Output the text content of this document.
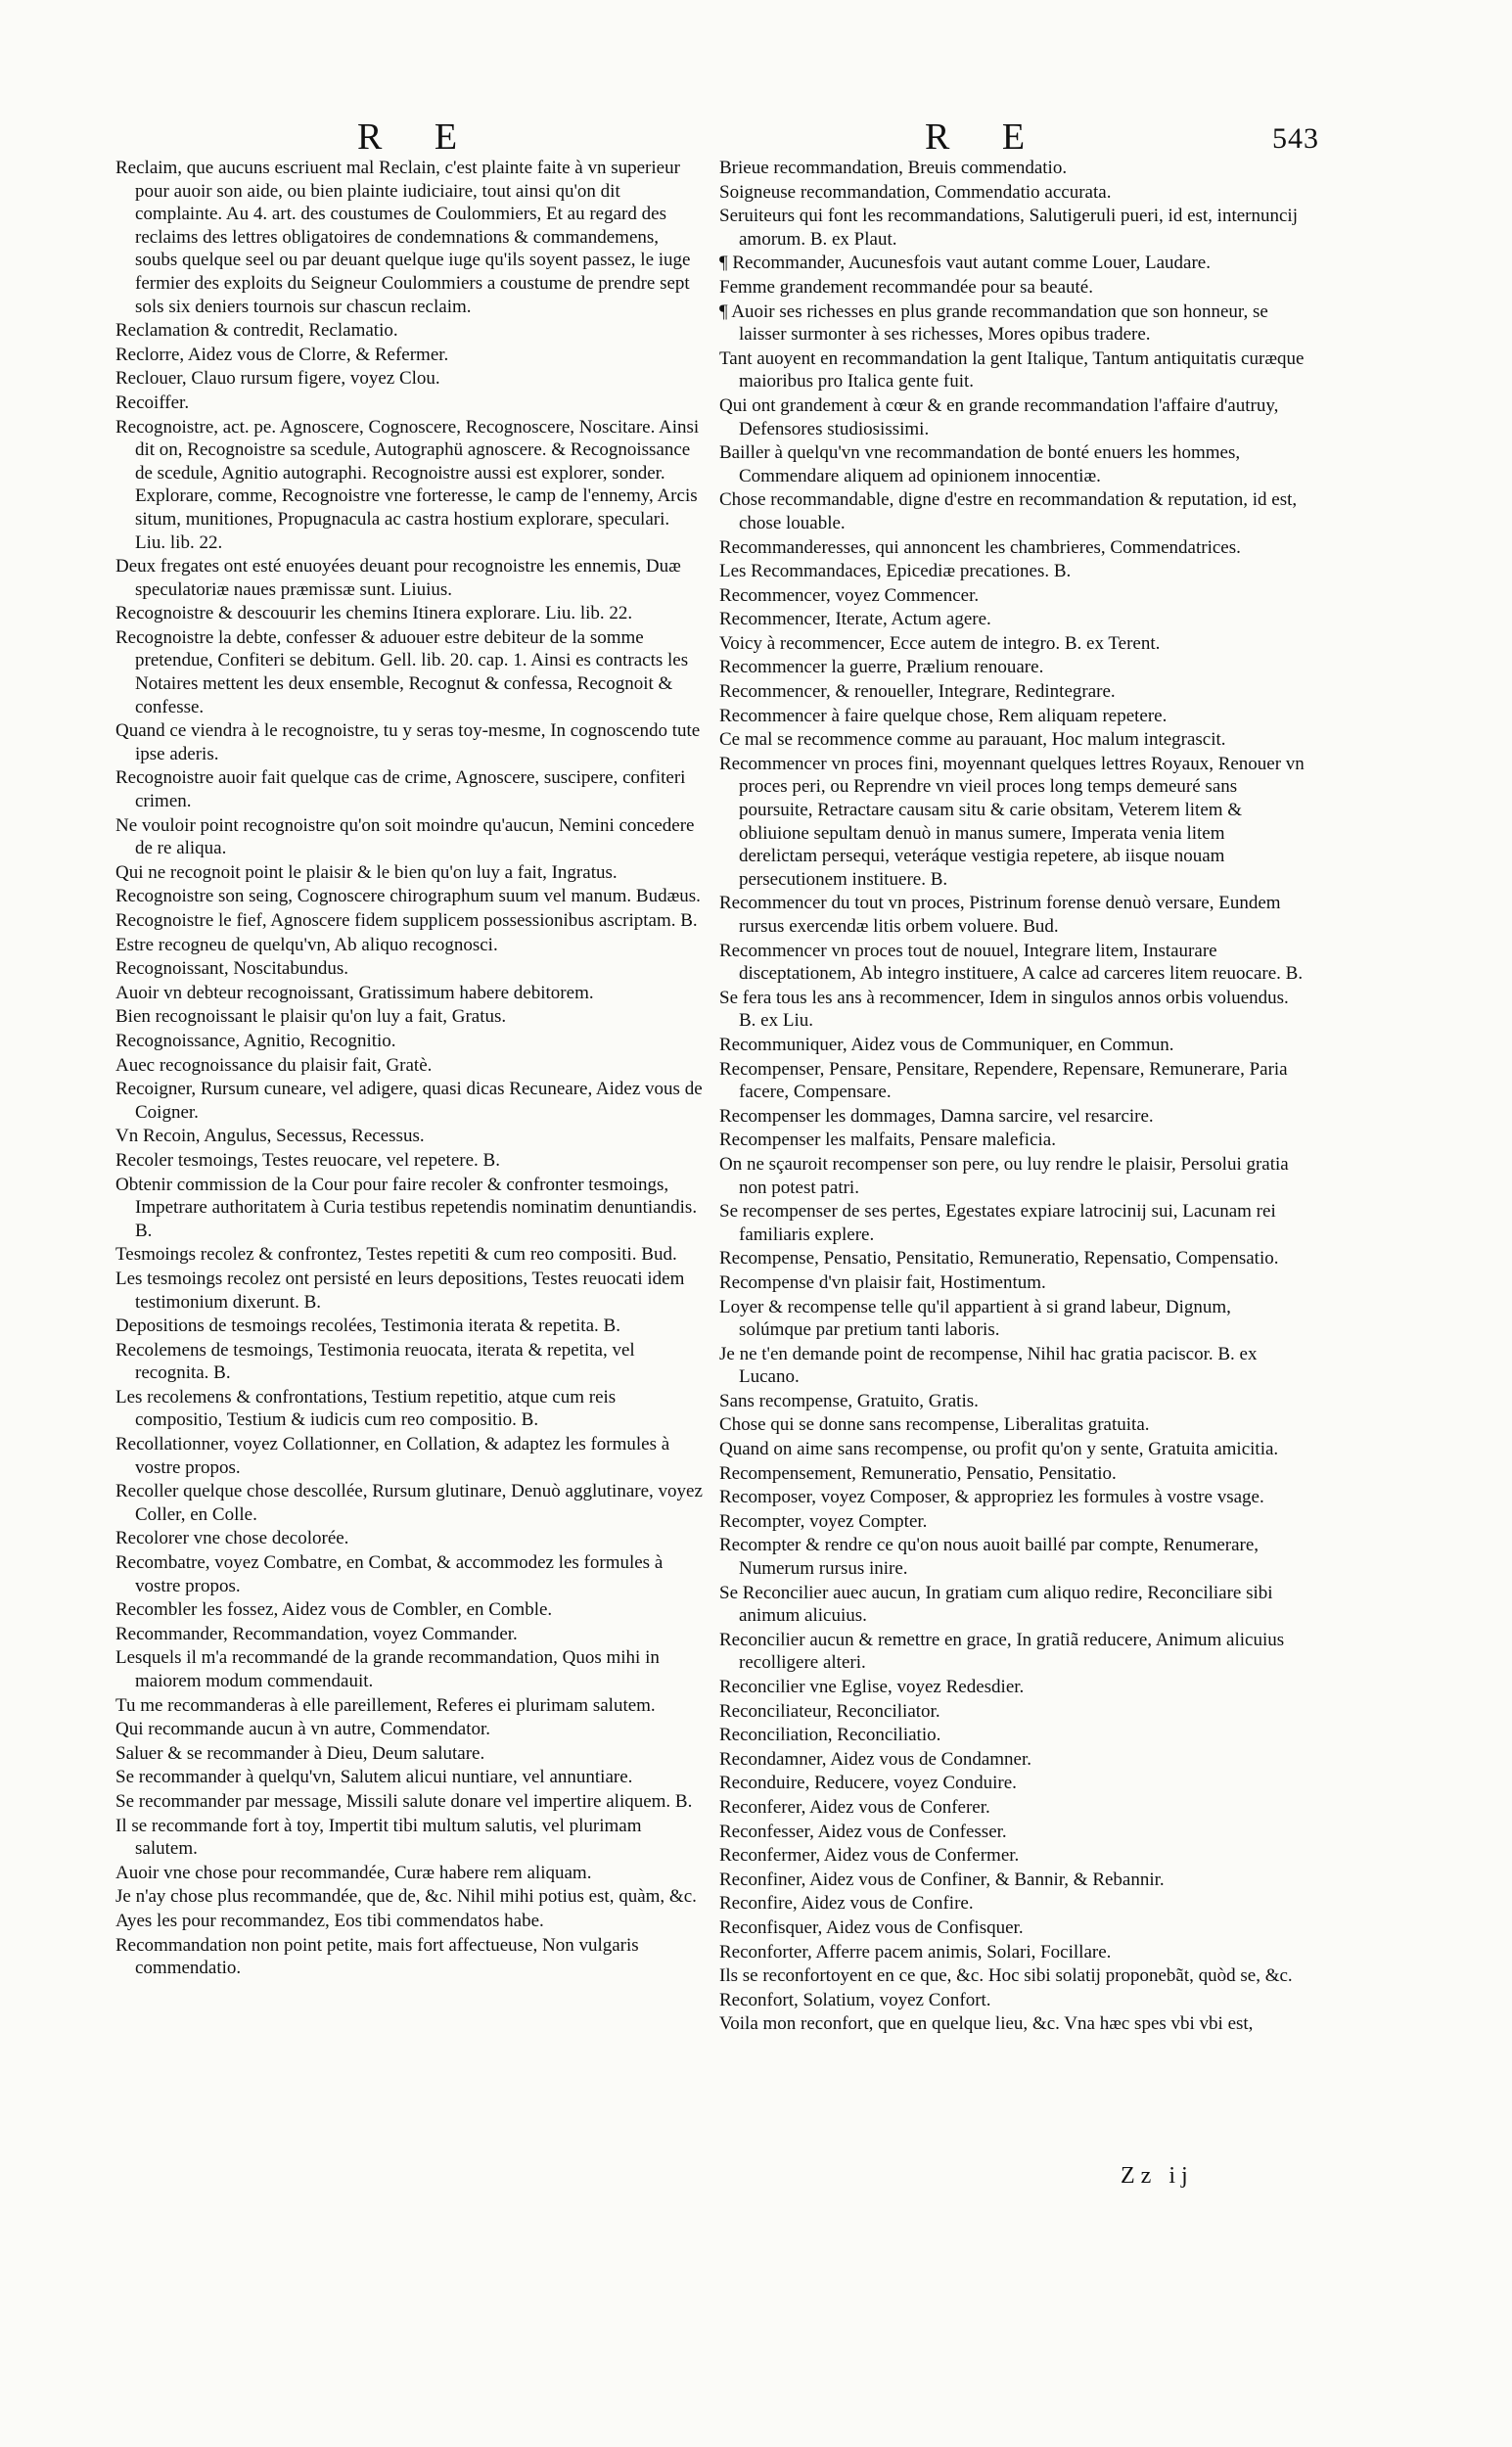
R E	R E	543
Reclaim, que aucuns escriuent mal Reclain, c'est plainte faite à vn superieur pour auoir son aide, ou bien plainte iudiciaire, tout ainsi qu'on dit complainte. Au 4. art. des coustumes de Coulommiers, Et au regard des reclaims des lettres obligatoires de condemnations & commandemens, soubs quelque seel ou par deuant quelque iuge qu'ils soyent passez, le iuge fermier des exploits du Seigneur Coulommiers a coustume de prendre sept sols six deniers tournois sur chascun reclaim.
Reclamation & contredit, Reclamatio.
Reclorre, Aidez vous de Clorre, & Refermer.
Reclouer, Clauo rursum figere, voyez Clou.
Recoiffer.
Recognoistre, act. pe. Agnoscere, Cognoscere, Recognoscere, Noscitare. Ainsi dit on, Recognoistre sa scedule, Autographü agnoscere. & Recognoissance de scedule, Agnitio autographi. Recognoistre aussi est explorer, sonder. Explorare, comme, Recognoistre vne forteresse, le camp de l'ennemy, Arcis situm, munitiones, Propugnacula ac castra hostium explorare, speculari. Liu. lib. 22.
Deux fregates ont esté enuoyées deuant pour recognoistre les ennemis, Duæ speculatoriæ naues præmissæ sunt. Liuius.
Recognoistre & descouurir les chemins Itinera explorare. Liu. lib. 22.
Recognoistre la debte, confesser & aduouer estre debiteur de la somme pretendue, Confiteri se debitum. Gell. lib. 20. cap. 1. Ainsi es contracts les Notaires mettent les deux ensemble, Recognut & confessa, Recognoit & confesse.
Quand ce viendra à le recognoistre, tu y seras toy-mesme, In cognoscendo tute ipse aderis.
Recognoistre auoir fait quelque cas de crime, Agnoscere, suscipere, confiteri crimen.
Ne vouloir point recognoistre qu'on soit moindre qu'aucun, Nemini concedere de re aliqua.
Qui ne recognoit point le plaisir & le bien qu'on luy a fait, Ingratus.
Recognoistre son seing, Cognoscere chirographum suum vel manum. Budæus.
Recognoistre le fief, Agnoscere fidem supplicem possessionibus ascriptam. B.
Estre recogneu de quelqu'vn, Ab aliquo recognosci.
Recognoissant, Noscitabundus.
Auoir vn debteur recognoissant, Gratissimum habere debitorem.
Bien recognoissant le plaisir qu'on luy a fait, Gratus.
Recognoissance, Agnitio, Recognitio.
Auec recognoissance du plaisir fait, Gratè.
Recoigner, Rursum cuneare, vel adigere, quasi dicas Recuneare, Aidez vous de Coigner.
Vn Recoin, Angulus, Secessus, Recessus.
Recoler tesmoings, Testes reuocare, vel repetere. B.
Obtenir commission de la Cour pour faire recoler & confronter tesmoings, Impetrare authoritatem à Curia testibus repetendis nominatim denuntiandis. B.
Tesmoings recolez & confrontez, Testes repetiti & cum reo compositi. Bud.
Les tesmoings recolez ont persisté en leurs depositions, Testes reuocati idem testimonium dixerunt. B.
Depositions de tesmoings recolées, Testimonia iterata & repetita. B.
Recolemens de tesmoings, Testimonia reuocata, iterata & repetita, vel recognita. B.
Les recolemens & confrontations, Testium repetitio, atque cum reis compositio, Testium & iudicis cum reo compositio. B.
Recollationner, voyez Collationner, en Collation, & adaptez les formules à vostre propos.
Recoller quelque chose descollée, Rursum glutinare, Denuò agglutinare, voyez Coller, en Colle.
Recolorer vne chose decolorée.
Recombatre, voyez Combatre, en Combat, & accommodez les formules à vostre propos.
Recombler les fossez, Aidez vous de Combler, en Comble.
Recommander, Recommandation, voyez Commander.
Lesquels il m'a recommandé de la grande recommandation, Quos mihi in maiorem modum commendauit.
Tu me recommanderas à elle pareillement, Referes ei plurimam salutem.
Qui recommande aucun à vn autre, Commendator.
Saluer & se recommander à Dieu, Deum salutare.
Se recommander à quelqu'vn, Salutem alicui nuntiare, vel annuntiare.
Se recommander par message, Missili salute donare vel impertire aliquem. B.
Il se recommande fort à toy, Impertit tibi multum salutis, vel plurimam salutem.
Auoir vne chose pour recommandée, Curæ habere rem aliquam.
Je n'ay chose plus recommandée, que de, &c. Nihil mihi potius est, quàm, &c.
Ayes les pour recommandez, Eos tibi commendatos habe.
Recommandation non point petite, mais fort affectueuse, Non vulgaris commendatio.
Brieue recommandation, Breuis commendatio.
Soigneuse recommandation, Commendatio accurata.
Seruiteurs qui font les recommandations, Salutigeruli pueri, id est, internuncij amorum. B. ex Plaut.
¶ Recommander, Aucunesfois vaut autant comme Louer, Laudare.
Femme grandement recommandée pour sa beauté.
¶ Auoir ses richesses en plus grande recommandation que son honneur, se laisser surmonter à ses richesses, Mores opibus tradere.
Tant auoyent en recommandation la gent Italique, Tantum antiquitatis curæque maioribus pro Italica gente fuit.
Qui ont grandement à cœur & en grande recommandation l'affaire d'autruy, Defensores studiosissimi.
Bailler à quelqu'vn vne recommandation de bonté enuers les hommes, Commendare aliquem ad opinionem innocentiæ.
Chose recommandable, digne d'estre en recommandation & reputation, id est, chose louable.
Recommanderesses, qui annoncent les chambrieres, Commendatrices.
Les Recommandaces, Epicediæ precationes. B.
Recommencer, voyez Commencer.
Recommencer, Iterate, Actum agere.
Voicy à recommencer, Ecce autem de integro. B. ex Terent.
Recommencer la guerre, Prælium renouare.
Recommencer, & renoueller, Integrare, Redintegrare.
Recommencer à faire quelque chose, Rem aliquam repetere.
Ce mal se recommence comme au parauant, Hoc malum integrascit.
Recommencer vn proces fini, moyennant quelques lettres Royaux, Renouer vn proces peri, ou Reprendre vn vieil proces long temps demeuré sans poursuite, Retractare causam situ & carie obsitam, Veterem litem & obliuione sepultam denuò in manus sumere, Imperata venia litem derelictam persequi, veteráque vestigia repetere, ab iisque nouam persecutionem instituere. B.
Recommencer du tout vn proces, Pistrinum forense denuò versare, Eundem rursus exercendæ litis orbem voluere. Bud.
Recommencer vn proces tout de nouuel, Integrare litem, Instaurare disceptationem, Ab integro instituere, A calce ad carceres litem reuocare. B.
Se fera tous les ans à recommencer, Idem in singulos annos orbis voluendus. B. ex Liu.
Recommuniquer, Aidez vous de Communiquer, en Commun.
Recompenser, Pensare, Pensitare, Rependere, Repensare, Remunerare, Paria facere, Compensare.
Recompenser les dommages, Damna sarcire, vel resarcire.
Recompenser les malfaits, Pensare maleficia.
On ne sçauroit recompenser son pere, ou luy rendre le plaisir, Persolui gratia non potest patri.
Se recompenser de ses pertes, Egestates expiare latrocinij sui, Lacunam rei familiaris explere.
Recompense, Pensatio, Pensitatio, Remuneratio, Repensatio, Compensatio.
Recompense d'vn plaisir fait, Hostimentum.
Loyer & recompense telle qu'il appartient à si grand labeur, Dignum, solúmque par pretium tanti laboris.
Je ne t'en demande point de recompense, Nihil hac gratia paciscor. B. ex Lucano.
Sans recompense, Gratuito, Gratis.
Chose qui se donne sans recompense, Liberalitas gratuita.
Quand on aime sans recompense, ou profit qu'on y sente, Gratuita amicitia.
Recompensement, Remuneratio, Pensatio, Pensitatio.
Recomposer, voyez Composer, & appropriez les formules à vostre vsage.
Recompter, voyez Compter.
Recompter & rendre ce qu'on nous auoit baillé par compte, Renumerare, Numerum rursus inire.
Se Reconcilier auec aucun, In gratiam cum aliquo redire, Reconciliare sibi animum alicuius.
Reconcilier aucun & remettre en grace, In gratiã reducere, Animum alicuius recolligere alteri.
Reconcilier vne Eglise, voyez Redesdier.
Reconciliateur, Reconciliator.
Reconciliation, Reconciliatio.
Recondamner, Aidez vous de Condamner.
Reconduire, Reducere, voyez Conduire.
Reconferer, Aidez vous de Conferer.
Reconfesser, Aidez vous de Confesser.
Reconfermer, Aidez vous de Confermer.
Reconfiner, Aidez vous de Confiner, & Bannir, & Rebannir.
Reconfire, Aidez vous de Confire.
Reconfisquer, Aidez vous de Confisquer.
Reconforter, Afferre pacem animis, Solari, Focillare.
Ils se reconfortoyent en ce que, &c. Hoc sibi solatij proponebãt, quòd se, &c.
Reconfort, Solatium, voyez Confort.
Voila mon reconfort, que en quelque lieu, &c. Vna hæc spes vbi vbi est,
Zz ij
